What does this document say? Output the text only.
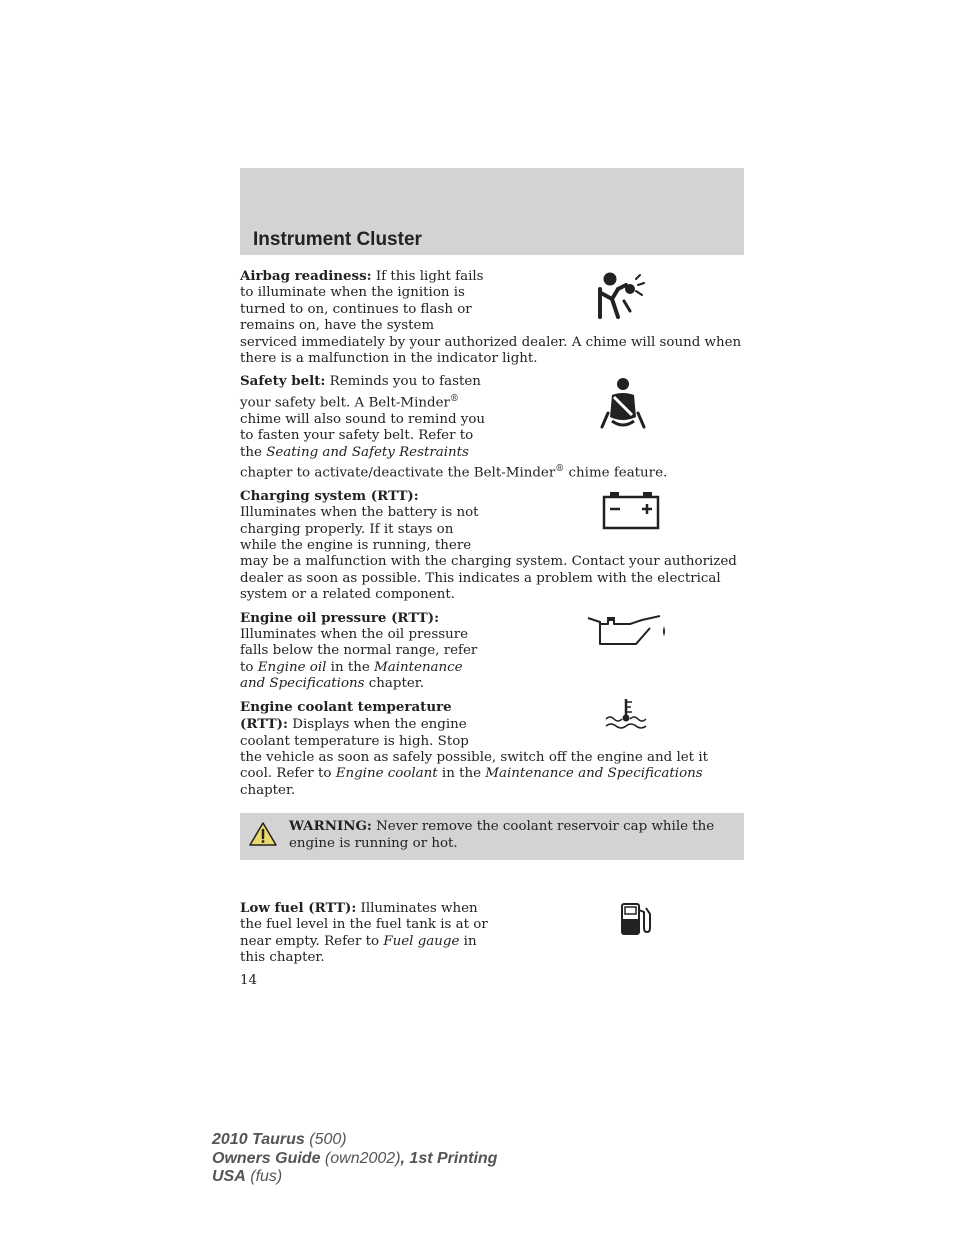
Instrument Cluster
Airbag readiness: If this light fails to illuminate when the ignition is turned to on, continues to flash or remains on, have the system
serviced immediately by your authorized dealer. A chime will sound when there is a malfunction in the indicator light.
Safety belt: Reminds you to fasten your safety belt. A Belt-Minder® chime will also sound to remind you to fasten your safety belt. Refer to the Seating and Safety Restraints
chapter to activate/deactivate the Belt-Minder® chime feature.
Charging system (RTT): Illuminates when the battery is not charging properly. If it stays on while the engine is running, there
may be a malfunction with the charging system. Contact your authorized dealer as soon as possible. This indicates a problem with the electrical system or a related component.
Engine oil pressure (RTT): Illuminates when the oil pressure falls below the normal range, refer to Engine oil in the Maintenance and Specifications chapter.
Engine coolant temperature (RTT): Displays when the engine coolant temperature is high. Stop
the vehicle as soon as safely possible, switch off the engine and let it cool. Refer to Engine coolant in the Maintenance and Specifications chapter.
WARNING: Never remove the coolant reservoir cap while the engine is running or hot.
Low fuel (RTT): Illuminates when the fuel level in the fuel tank is at or near empty. Refer to Fuel gauge in this chapter.
14
2010 Taurus (500)
Owners Guide (own2002), 1st Printing
USA (fus)
